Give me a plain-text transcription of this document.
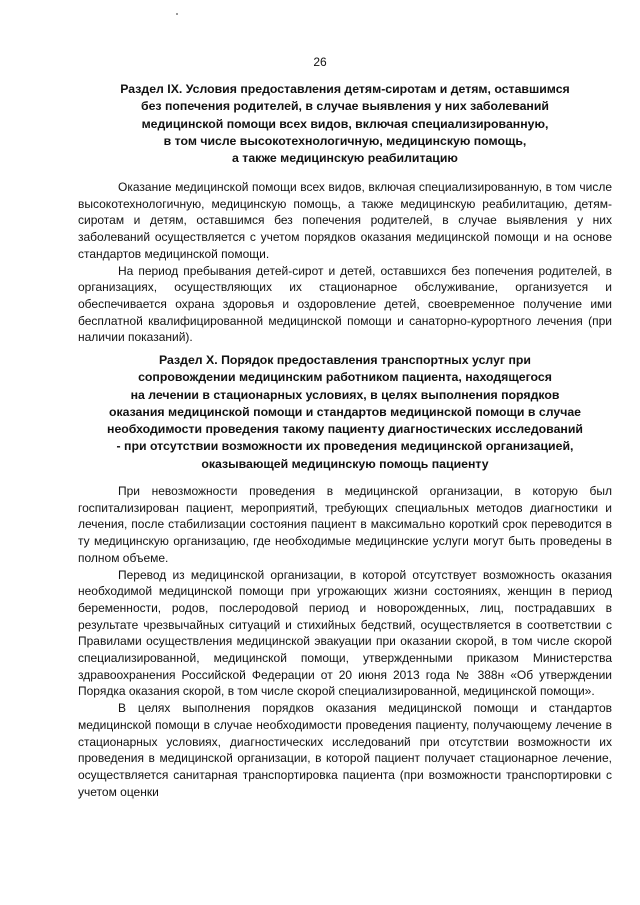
26
Раздел IX. Условия предоставления детям-сиротам и детям, оставшимся
без попечения родителей, в случае выявления у них заболеваний
медицинской помощи всех видов, включая специализированную,
в том числе высокотехнологичную, медицинскую помощь,
а также медицинскую реабилитацию

Оказание медицинской помощи всех видов, включая специализированную, в том числе высокотехнологичную, медицинскую помощь, а также медицинскую реабилитацию, детям-сиротам и детям, оставшимся без попечения родителей, в случае выявления у них заболеваний осуществляется с учетом порядков оказания медицинской помощи и на основе стандартов медицинской помощи.

На период пребывания детей-сирот и детей, оставшихся без попечения родителей, в организациях, осуществляющих их стационарное обслуживание, организуется и обеспечивается охрана здоровья и оздоровление детей, своевременное получение ими бесплатной квалифицированной медицинской помощи и санаторно-курортного лечения (при наличии показаний).

Раздел X. Порядок предоставления транспортных услуг при
сопровождении медицинским работником пациента, находящегося
на лечении в стационарных условиях, в целях выполнения порядков
оказания медицинской помощи и стандартов медицинской помощи в случае
необходимости проведения такому пациенту диагностических исследований
- при отсутствии возможности их проведения медицинской организацией,
оказывающей медицинскую помощь пациенту

При невозможности проведения в медицинской организации, в которую был госпитализирован пациент, мероприятий, требующих специальных методов диагностики и лечения, после стабилизации состояния пациент в максимально короткий срок переводится в ту медицинскую организацию, где необходимые медицинские услуги могут быть проведены в полном объеме.

Перевод из медицинской организации, в которой отсутствует возможность оказания необходимой медицинской помощи при угрожающих жизни состояниях, женщин в период беременности, родов, послеродовой период и новорожденных, лиц, пострадавших в результате чрезвычайных ситуаций и стихийных бедствий, осуществляется в соответствии с Правилами осуществления медицинской эвакуации при оказании скорой, в том числе скорой специализированной, медицинской помощи, утвержденными приказом Министерства здравоохранения Российской Федерации от 20 июня 2013 года № 388н «Об утверждении Порядка оказания скорой, в том числе скорой специализированной, медицинской помощи».

В целях выполнения порядков оказания медицинской помощи и стандартов медицинской помощи в случае необходимости проведения пациенту, получающему лечение в стационарных условиях, диагностических исследований при отсутствии возможности их проведения в медицинской организации, в которой пациент получает стационарное лечение, осуществляется санитарная транспортировка пациента (при возможности транспортировки с учетом оценки
